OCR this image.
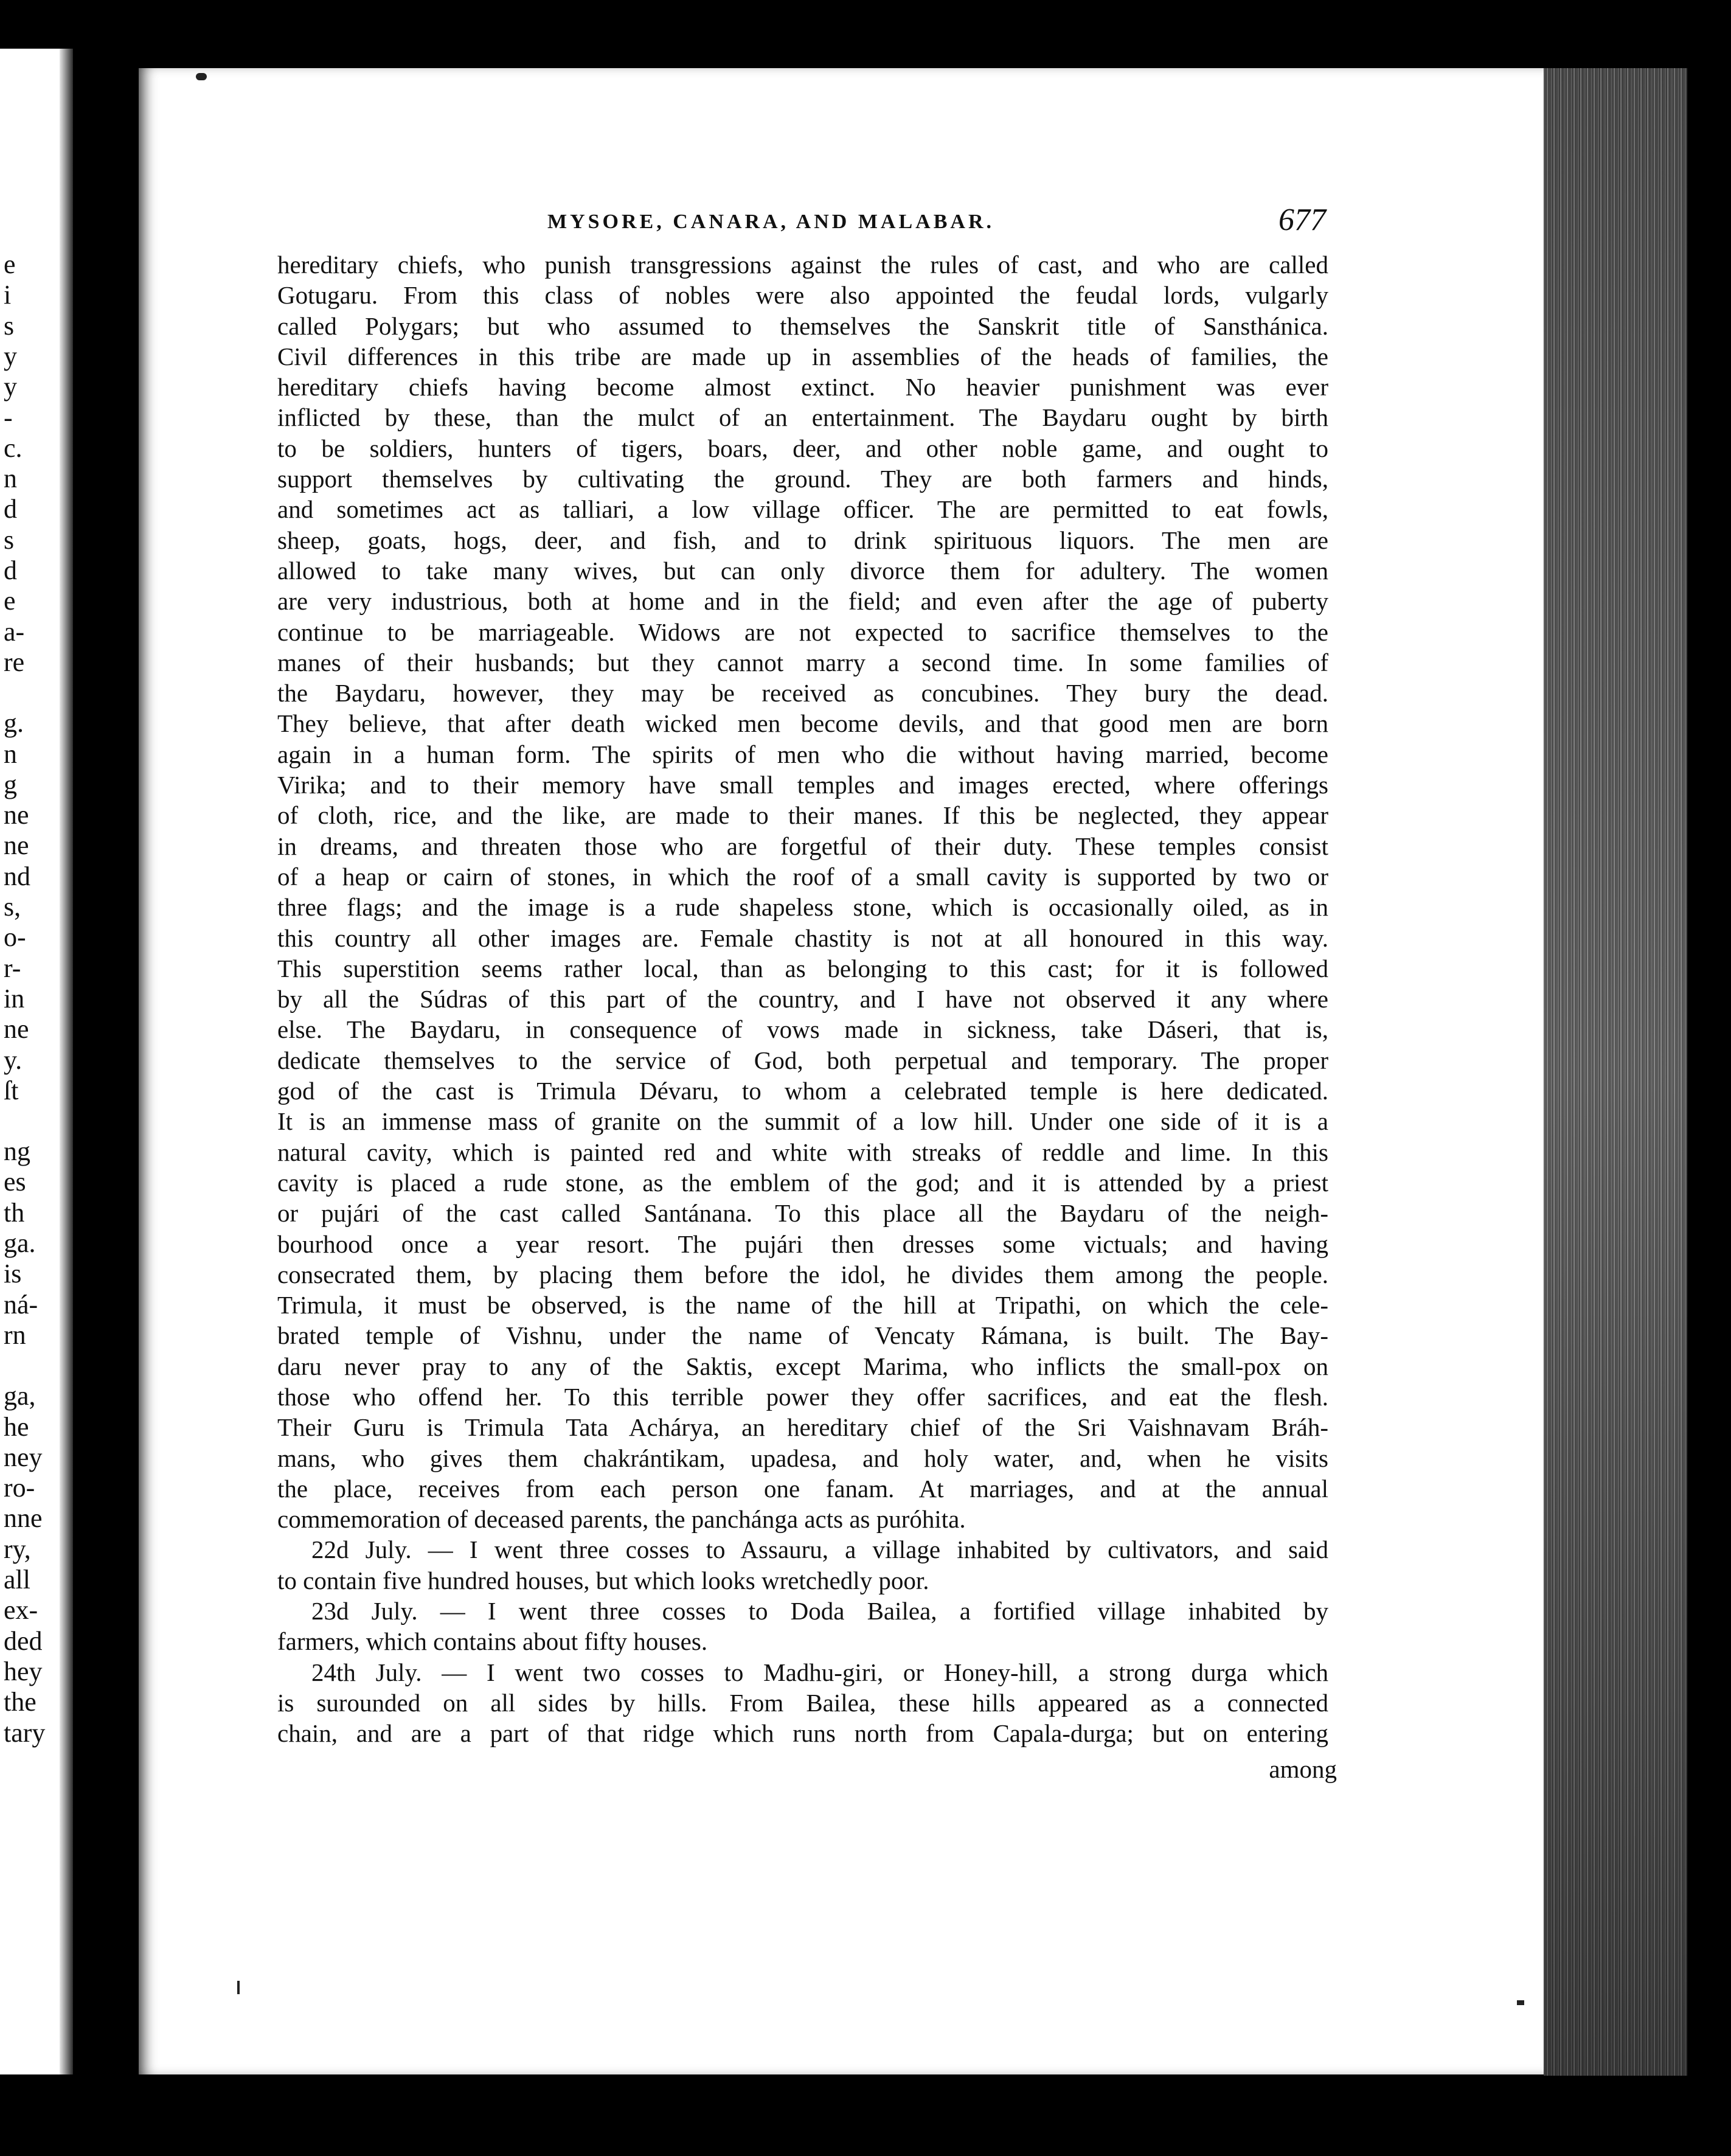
e
i
s
y
y
-
c.
n
d
s
d
e
a-
re
g.
n
g
ne
ne
nd
s,
o-
r-
in
ne
y.
ſt
ng
es
th
ga.
is
ná-
rn
ga,
he
ney
ro-
nne
ry,
all
ex-
ded
hey
the
tary
MYSORE, CANARA, AND MALABAR.	677
hereditary chiefs, who punish transgressions against the rules of cast, and who are called
Gotugaru. From this class of nobles were also appointed the feudal lords, vulgarly
called Polygars; but who assumed to themselves the Sanskrit title of Sansthánica.
Civil differences in this tribe are made up in assemblies of the heads of families, the
hereditary chiefs having become almost extinct. No heavier punishment was ever
inflicted by these, than the mulct of an entertainment. The Baydaru ought by birth
to be soldiers, hunters of tigers, boars, deer, and other noble game, and ought to
support themselves by cultivating the ground. They are both farmers and hinds,
and sometimes act as talliari, a low village officer. The are permitted to eat fowls,
sheep, goats, hogs, deer, and fish, and to drink spirituous liquors. The men are
allowed to take many wives, but can only divorce them for adultery. The women
are very industrious, both at home and in the field; and even after the age of puberty
continue to be marriageable. Widows are not expected to sacrifice themselves to the
manes of their husbands; but they cannot marry a second time. In some families of
the Baydaru, however, they may be received as concubines. They bury the dead.
They believe, that after death wicked men become devils, and that good men are born
again in a human form. The spirits of men who die without having married, become
Virika; and to their memory have small temples and images erected, where offerings
of cloth, rice, and the like, are made to their manes. If this be neglected, they appear
in dreams, and threaten those who are forgetful of their duty. These temples consist
of a heap or cairn of stones, in which the roof of a small cavity is supported by two or
three flags; and the image is a rude shapeless stone, which is occasionally oiled, as in
this country all other images are. Female chastity is not at all honoured in this way.
This superstition seems rather local, than as belonging to this cast; for it is followed
by all the Súdras of this part of the country, and I have not observed it any where
else. The Baydaru, in consequence of vows made in sickness, take Dáseri, that is,
dedicate themselves to the service of God, both perpetual and temporary. The proper
god of the cast is Trimula Dévaru, to whom a celebrated temple is here dedicated.
It is an immense mass of granite on the summit of a low hill. Under one side of it is a
natural cavity, which is painted red and white with streaks of reddle and lime. In this
cavity is placed a rude stone, as the emblem of the god; and it is attended by a priest
or pujári of the cast called Santánana. To this place all the Baydaru of the neigh-
bourhood once a year resort. The pujári then dresses some victuals; and having
consecrated them, by placing them before the idol, he divides them among the people.
Trimula, it must be observed, is the name of the hill at Tripathi, on which the cele-
brated temple of Vishnu, under the name of Vencaty Rámana, is built. The Bay-
daru never pray to any of the Saktis, except Marima, who inflicts the small-pox on
those who offend her. To this terrible power they offer sacrifices, and eat the flesh.
Their Guru is Trimula Tata Achárya, an hereditary chief of the Sri Vaishnavam Bráh-
mans, who gives them chakrántikam, upadesa, and holy water, and, when he visits
the place, receives from each person one fanam. At marriages, and at the annual
commemoration of deceased parents, the panchánga acts as puróhita.
22d July. — I went three cosses to Assauru, a village inhabited by cultivators, and said
to contain five hundred houses, but which looks wretchedly poor.
23d July. — I went three cosses to Doda Bailea, a fortified village inhabited by
farmers, which contains about fifty houses.
24th July. — I went two cosses to Madhu-giri, or Honey-hill, a strong durga which
is surounded on all sides by hills. From Bailea, these hills appeared as a connected
chain, and are a part of that ridge which runs north from Capala-durga; but on entering
among
